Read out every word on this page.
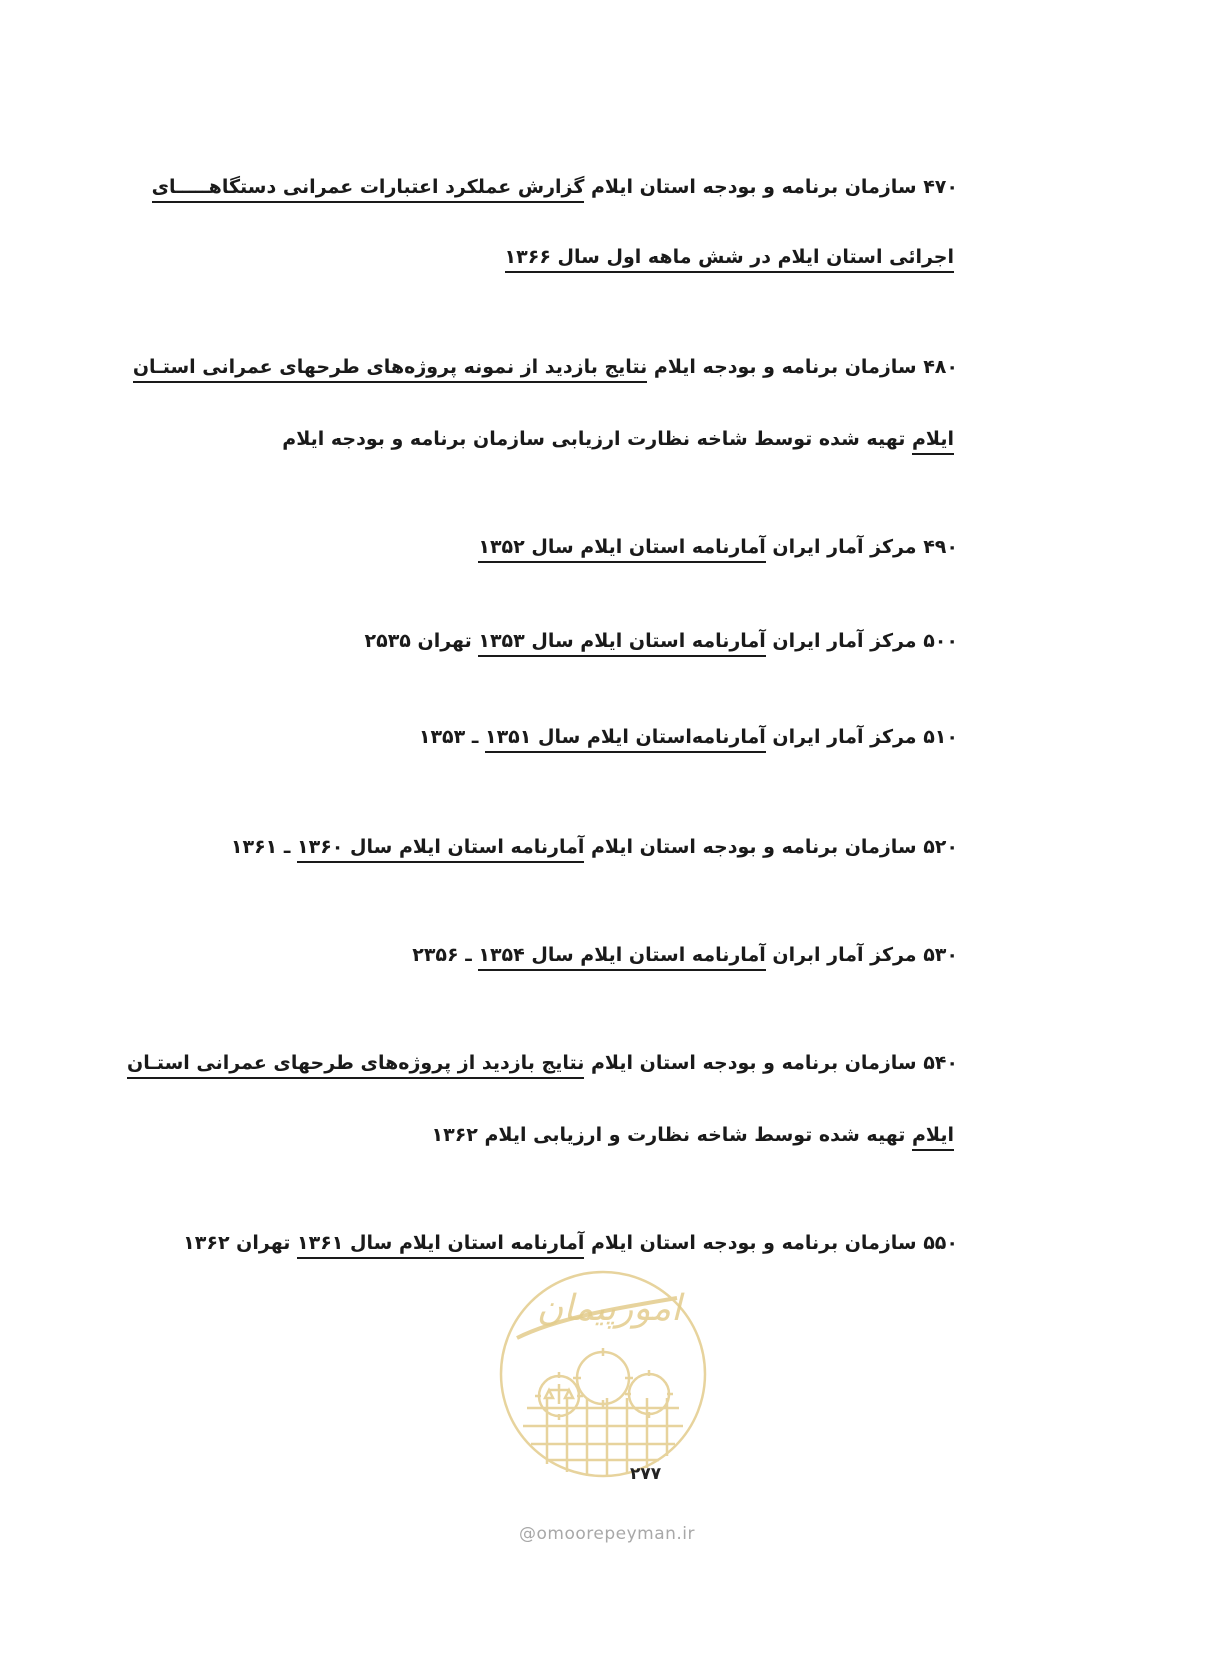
۴۷۰ سازمان برنامه و بودجه استان ایلام گزارش عملکرد اعتبارات عمرانی دستگاهـــــای
اجرائی استان ایلام در شش ماهه اول سال ۱۳۶۶
۴۸۰ سازمان برنامه و بودجه ایلام نتایج بازدید از نمونه پروژه‌های طرحهای عمرانی استـان
ایلام تهیه شده توسط شاخه نظارت ارزیابی سازمان برنامه و بودجه ایلام
۴۹۰ مرکز آمار ایران آمارنامه استان ایلام سال ۱۳۵۲
۵۰۰ مرکز آمار ایران آمارنامه استان ایلام سال ۱۳۵۳ تهران ۲۵۳۵
۵۱۰ مرکز آمار ایران آمارنامه‌استان ایلام سال ۱۳۵۱ ـ ۱۳۵۳
۵۲۰ سازمان برنامه و بودجه استان ایلام آمارنامه استان ایلام سال ۱۳۶۰ ـ ۱۳۶۱
۵۳۰ مرکز آمار ابران آمارنامه استان ایلام سال ۱۳۵۴ ـ ۲۳۵۶
۵۴۰ سازمان برنامه و بودجه استان ایلام نتایج بازدید از پروژه‌های طرحهای عمرانی استـان
ایلام تهیه شده توسط شاخه نظارت و ارزیابی ایلام ۱۳۶۲
۵۵۰ سازمان برنامه و بودجه استان ایلام آمارنامه استان ایلام سال ۱۳۶۱ تهران ۱۳۶۲
امورپیمان
۲۷۷
@omoorepeyman.ir
